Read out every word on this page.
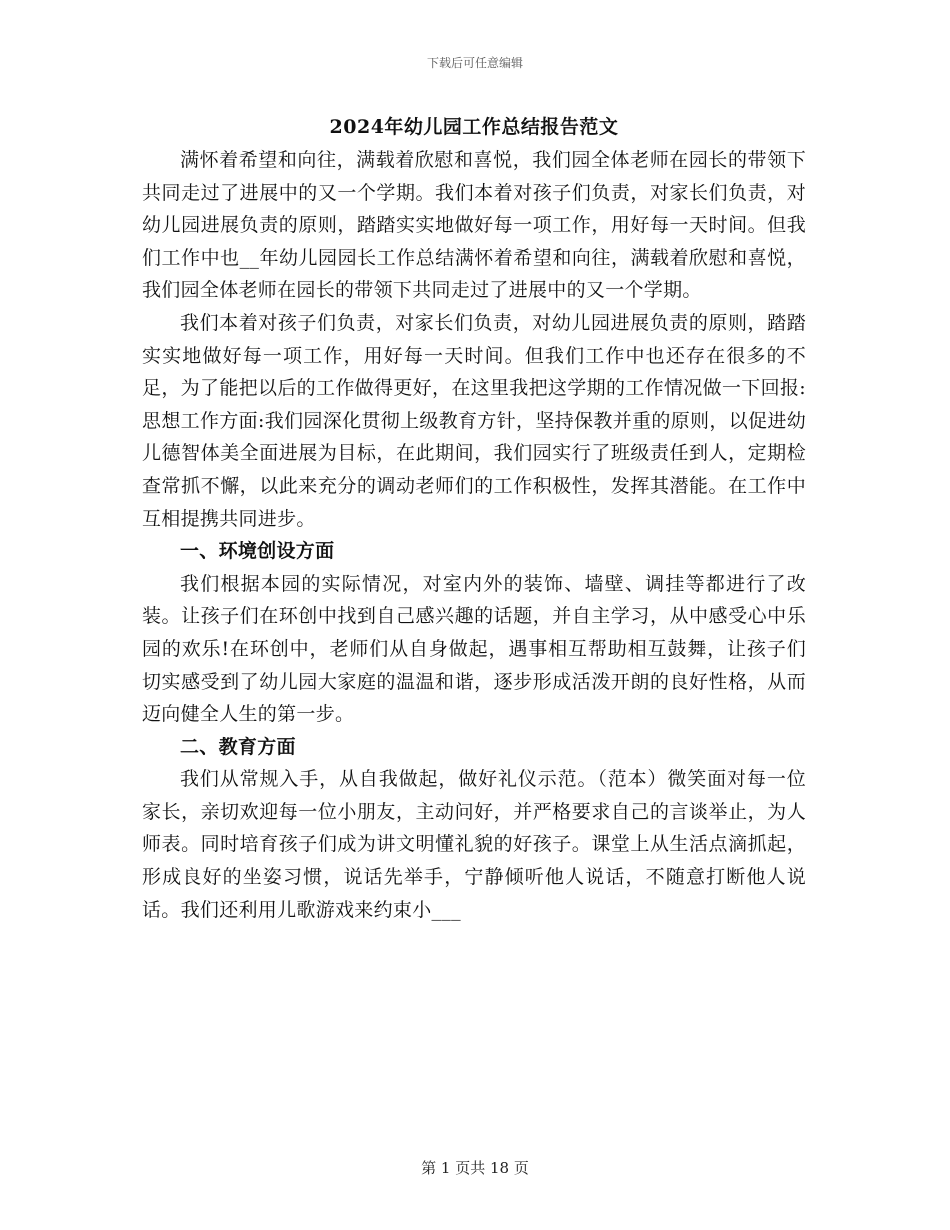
下载后可任意编辑
2024年幼儿园工作总结报告范文

满怀着希望和向往，满载着欣慰和喜悦，我们园全体老师在园长的带领下共同走过了进展中的又一个学期。我们本着对孩子们负责，对家长们负责，对幼儿园进展负责的原则，踏踏实实地做好每一项工作，用好每一天时间。但我们工作中也__年幼儿园园长工作总结满怀着希望和向往，满载着欣慰和喜悦，我们园全体老师在园长的带领下共同走过了进展中的又一个学期。

我们本着对孩子们负责，对家长们负责，对幼儿园进展负责的原则，踏踏实实地做好每一项工作，用好每一天时间。但我们工作中也还存在很多的不足，为了能把以后的工作做得更好，在这里我把这学期的工作情况做一下回报:思想工作方面:我们园深化贯彻上级教育方针，坚持保教并重的原则，以促进幼儿德智体美全面进展为目标，在此期间，我们园实行了班级责任到人，定期检查常抓不懈，以此来充分的调动老师们的工作积极性，发挥其潜能。在工作中互相提携共同进步。

一、环境创设方面

我们根据本园的实际情况，对室内外的装饰、墙壁、调挂等都进行了改装。让孩子们在环创中找到自己感兴趣的话题，并自主学习，从中感受心中乐园的欢乐!在环创中，老师们从自身做起，遇事相互帮助相互鼓舞，让孩子们切实感受到了幼儿园大家庭的温温和谐，逐步形成活泼开朗的良好性格，从而迈向健全人生的第一步。

二、教育方面

我们从常规入手，从自我做起，做好礼仪示范。（范本）微笑面对每一位家长，亲切欢迎每一位小朋友，主动问好，并严格要求自己的言谈举止，为人师表。同时培育孩子们成为讲文明懂礼貌的好孩子。课堂上从生活点滴抓起，形成良好的坐姿习惯，说话先举手，宁静倾听他人说话，不随意打断他人说话。我们还利用儿歌游戏来约束小___

第 1 页共 18 页
